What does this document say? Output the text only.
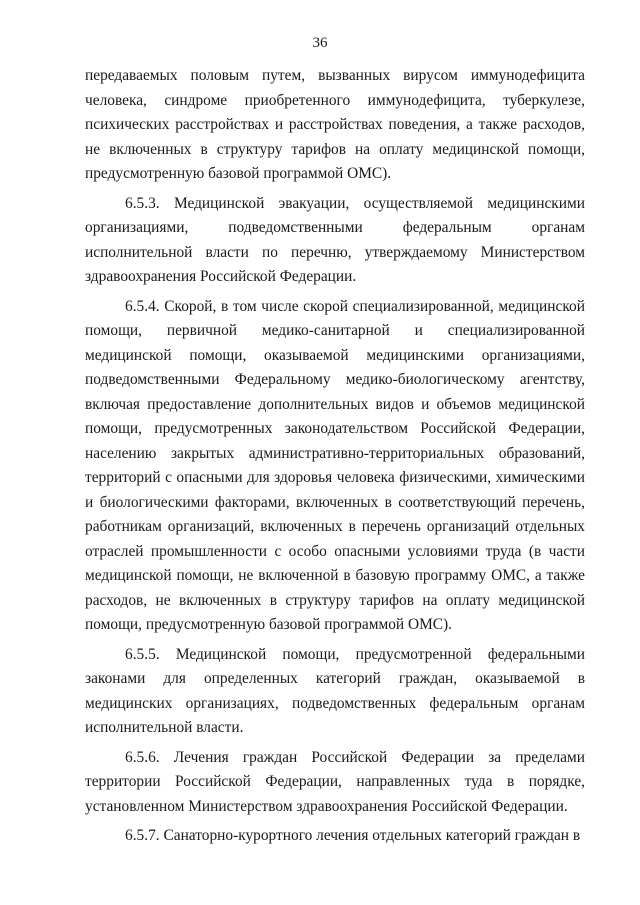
36

передаваемых половым путем, вызванных вирусом иммунодефицита человека, синдроме приобретенного иммунодефицита, туберкулезе, психических расстройствах и расстройствах поведения, а также расходов, не включенных в структуру тарифов на оплату медицинской помощи, предусмотренную базовой программой ОМС).

6.5.3. Медицинской эвакуации, осуществляемой медицинскими организациями, подведомственными федеральным органам исполнительной власти по перечню, утверждаемому Министерством здравоохранения Российской Федерации.

6.5.4. Скорой, в том числе скорой специализированной, медицинской помощи, первичной медико-санитарной и специализированной медицинской помощи, оказываемой медицинскими организациями, подведомственными Федеральному медико-биологическому агентству, включая предоставление дополнительных видов и объемов медицинской помощи, предусмотренных законодательством Российской Федерации, населению закрытых административно-территориальных образований, территорий с опасными для здоровья человека физическими, химическими и биологическими факторами, включенных в соответствующий перечень, работникам организаций, включенных в перечень организаций отдельных отраслей промышленности с особо опасными условиями труда (в части медицинской помощи, не включенной в базовую программу ОМС, а также расходов, не включенных в структуру тарифов на оплату медицинской помощи, предусмотренную базовой программой ОМС).

6.5.5. Медицинской помощи, предусмотренной федеральными законами для определенных категорий граждан, оказываемой в медицинских организациях, подведомственных федеральным органам исполнительной власти.

6.5.6. Лечения граждан Российской Федерации за пределами территории Российской Федерации, направленных туда в порядке, установленном Министерством здравоохранения Российской Федерации.

6.5.7. Санаторно-курортного лечения отдельных категорий граждан в
